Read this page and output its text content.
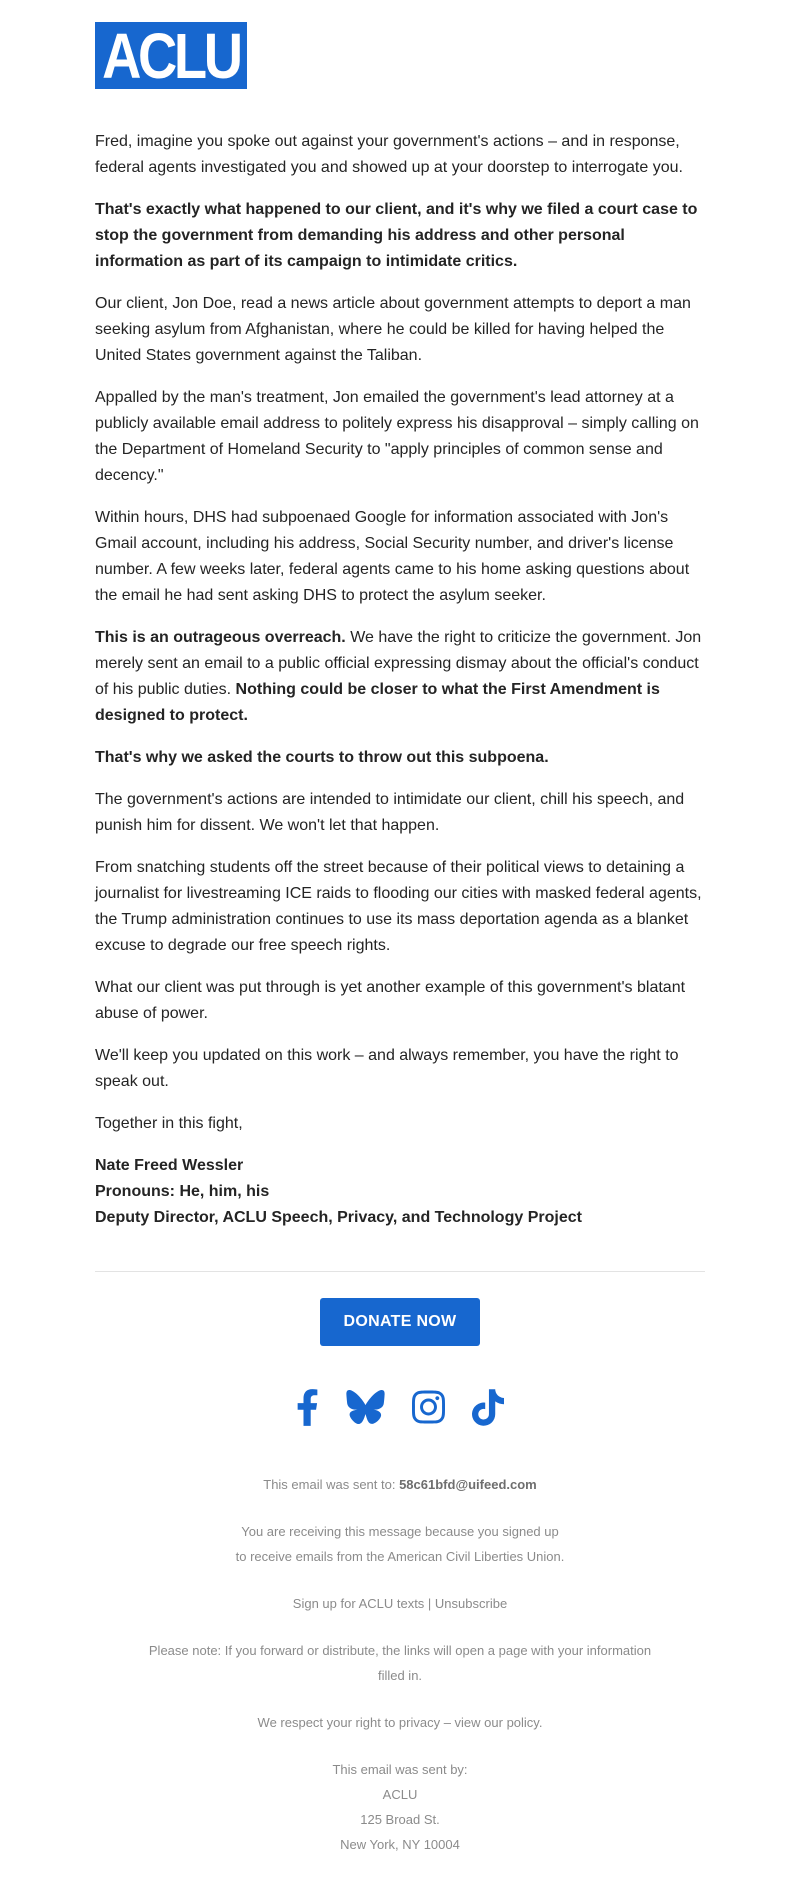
ACLU

Fred, imagine you spoke out against your government's actions – and in response, federal agents investigated you and showed up at your doorstep to interrogate you.

That's exactly what happened to our client, and it's why we filed a court case to stop the government from demanding his address and other personal information as part of its campaign to intimidate critics.

Our client, Jon Doe, read a news article about government attempts to deport a man seeking asylum from Afghanistan, where he could be killed for having helped the United States government against the Taliban.

Appalled by the man's treatment, Jon emailed the government's lead attorney at a publicly available email address to politely express his disapproval – simply calling on the Department of Homeland Security to "apply principles of common sense and decency."

Within hours, DHS had subpoenaed Google for information associated with Jon's Gmail account, including his address, Social Security number, and driver's license number. A few weeks later, federal agents came to his home asking questions about the email he had sent asking DHS to protect the asylum seeker.

This is an outrageous overreach. We have the right to criticize the government. Jon merely sent an email to a public official expressing dismay about the official's conduct of his public duties. Nothing could be closer to what the First Amendment is designed to protect.

That's why we asked the courts to throw out this subpoena.

The government's actions are intended to intimidate our client, chill his speech, and punish him for dissent. We won't let that happen.

From snatching students off the street because of their political views to detaining a journalist for livestreaming ICE raids to flooding our cities with masked federal agents, the Trump administration continues to use its mass deportation agenda as a blanket excuse to degrade our free speech rights.

What our client was put through is yet another example of this government's blatant abuse of power.

We'll keep you updated on this work – and always remember, you have the right to speak out.

Together in this fight,

Nate Freed Wessler
Pronouns: He, him, his
Deputy Director, ACLU Speech, Privacy, and Technology Project
DONATE NOW
This email was sent to: 58c61bfd@uifeed.com
You are receiving this message because you signed up
to receive emails from the American Civil Liberties Union.
Sign up for ACLU texts | Unsubscribe
Please note: If you forward or distribute, the links will open a page with your information
filled in.
We respect your right to privacy – view our policy.
This email was sent by:
ACLU
125 Broad St.
New York, NY 10004
